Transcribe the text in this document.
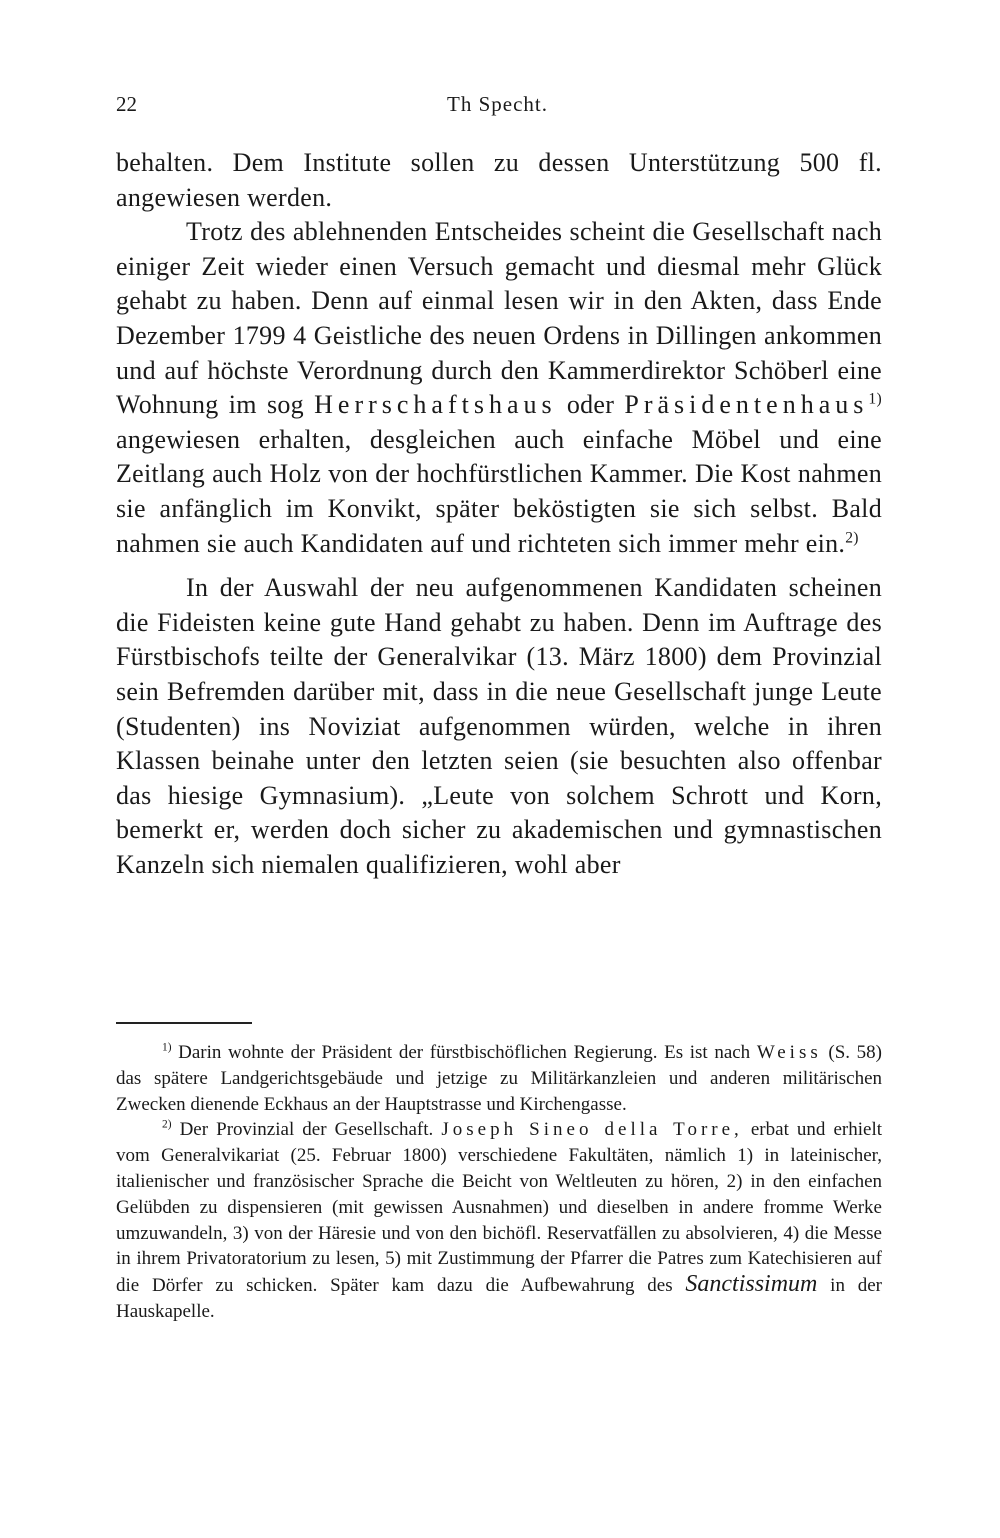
22	Th Specht.

behalten. Dem Institute sollen zu dessen Unterstützung 500 fl. angewiesen werden.

Trotz des ablehnenden Entscheides scheint die Gesellschaft nach einiger Zeit wieder einen Versuch gemacht und diesmal mehr Glück gehabt zu haben. Denn auf einmal lesen wir in den Akten, dass Ende Dezember 1799 4 Geistliche des neuen Ordens in Dillingen ankommen und auf höchste Verordnung durch den Kammerdirektor Schöberl eine Wohnung im sog Herrschaftshaus oder Präsidentenhaus$^{1)}$ angewiesen erhalten, desgleichen auch einfache Möbel und eine Zeitlang auch Holz von der hochfürstlichen Kammer. Die Kost nahmen sie anfänglich im Konvikt, später beköstigten sie sich selbst. Bald nahmen sie auch Kandidaten auf und richteten sich immer mehr ein.$^{2)}$

In der Auswahl der neu aufgenommenen Kandidaten scheinen die Fideisten keine gute Hand gehabt zu haben. Denn im Auftrage des Fürstbischofs teilte der Generalvikar (13. März 1800) dem Provinzial sein Befremden darüber mit, dass in die neue Gesellschaft junge Leute (Studenten) ins Noviziat aufgenommen würden, welche in ihren Klassen beinahe unter den letzten seien (sie besuchten also offenbar das hiesige Gymnasium). „Leute von solchem Schrott und Korn, bemerkt er, werden doch sicher zu akademischen und gymnastischen Kanzeln sich niemalen qualifizieren, wohl aber

$^{1)}$ Darin wohnte der Präsident der fürstbischöflichen Regierung. Es ist nach Weiss (S. 58) das spätere Landgerichtsgebäude und jetzige zu Militärkanzleien und anderen militärischen Zwecken dienende Eckhaus an der Hauptstrasse und Kirchengasse.

$^{2)}$ Der Provinzial der Gesellschaft. Joseph Sineo della Torre, erbat und erhielt vom Generalvikariat (25. Februar 1800) verschiedene Fakultäten, nämlich 1) in lateinischer, italienischer und französischer Sprache die Beicht von Weltleuten zu hören, 2) in den einfachen Gelübden zu dispensieren (mit gewissen Ausnahmen) und dieselben in andere fromme Werke umzuwandeln, 3) von der Häresie und von den bichöfl. Reservatfällen zu absolvieren, 4) die Messe in ihrem Privatoratorium zu lesen, 5) mit Zustimmung der Pfarrer die Patres zum Katechisieren auf die Dörfer zu schicken. Später kam dazu die Aufbewahrung des Sanctissimum in der Hauskapelle.
